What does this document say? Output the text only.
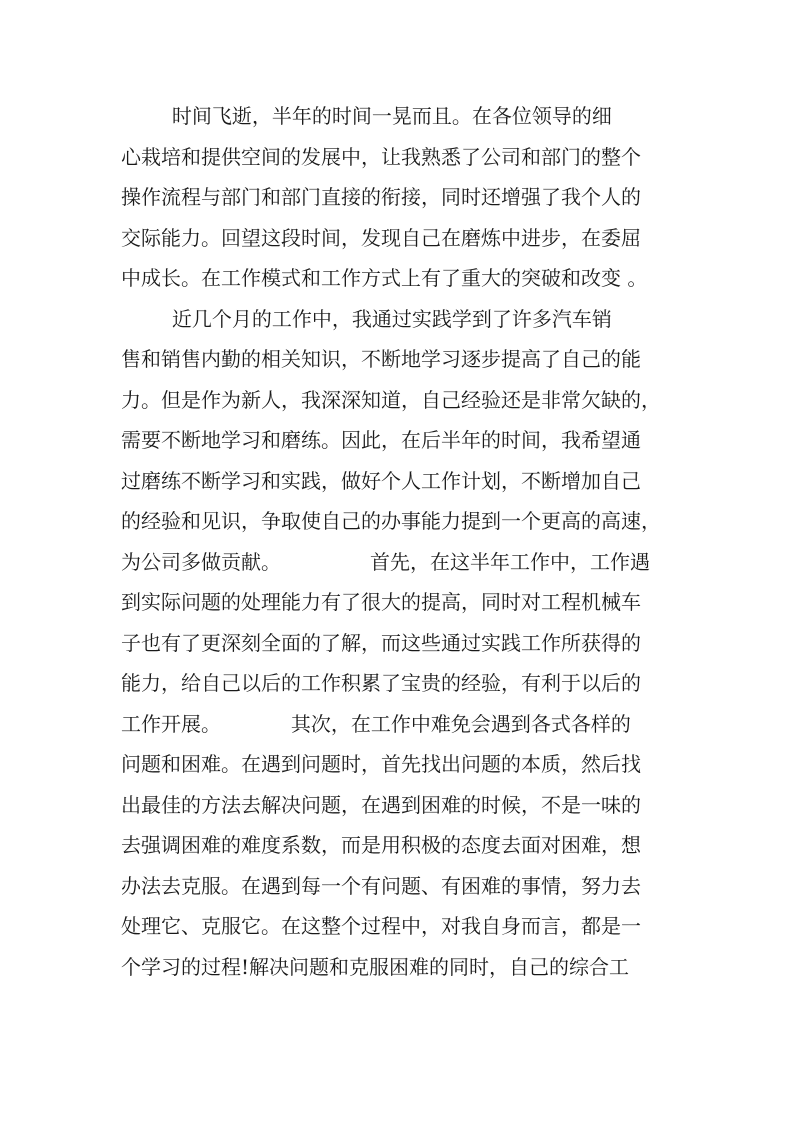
时间飞逝，半年的时间一晃而且。在各位领导的细
心栽培和提供空间的发展中，让我熟悉了公司和部门的整个
操作流程与部门和部门直接的衔接，同时还增强了我个人的
交际能力。回望这段时间，发现自己在磨炼中进步，在委屈
中成长。在工作模式和工作方式上有了重大的突破和改变 。
近几个月的工作中，我通过实践学到了许多汽车销
售和销售内勤的相关知识，不断地学习逐步提高了自己的能
力。但是作为新人，我深深知道，自己经验还是非常欠缺的，
需要不断地学习和磨练。因此，在后半年的时间，我希望通
过磨练不断学习和实践，做好个人工作计划，不断增加自己
的经验和见识，争取使自己的办事能力提到一个更高的高速，
为公司多做贡献。              首先，在这半年工作中，工作遇
到实际问题的处理能力有了很大的提高，同时对工程机械车
子也有了更深刻全面的了解，而这些通过实践工作所获得的
能力，给自己以后的工作积累了宝贵的经验，有利于以后的
工作开展。           其次，在工作中难免会遇到各式各样的
问题和困难。在遇到问题时，首先找出问题的本质，然后找
出最佳的方法去解决问题，在遇到困难的时候，不是一味的
去强调困难的难度系数，而是用积极的态度去面对困难，想
办法去克服。在遇到每一个有问题、有困难的事情，努力去
处理它、克服它。在这整个过程中，对我自身而言，都是一
个学习的过程!解决问题和克服困难的同时，自己的综合工
